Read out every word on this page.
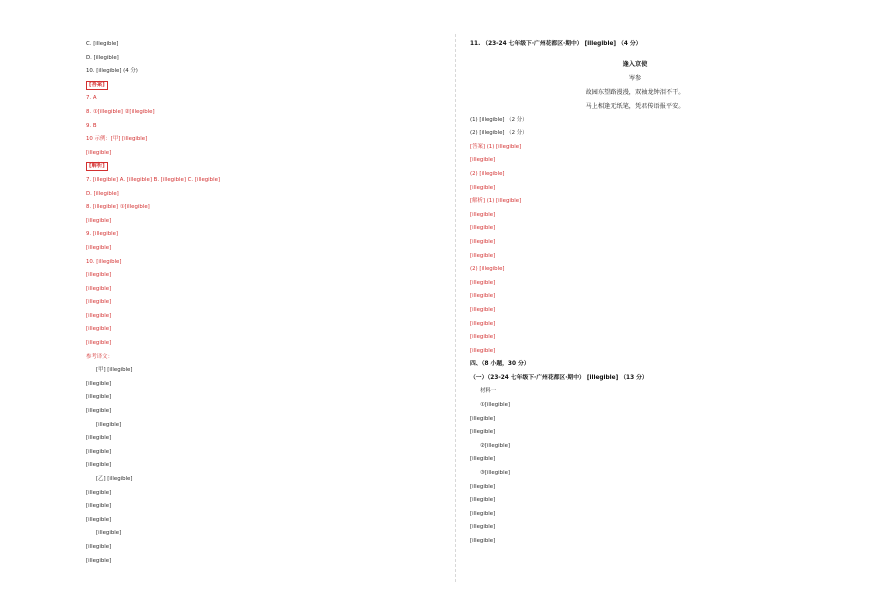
C. [illegible]
D. [illegible]
10. [illegible] (4 分)
[答案]
7. A
8. ①[illegible] ②[illegible]
9. B
10 示例：[甲] [illegible]
[illegible]
[解析]
7. [illegible] A. [illegible] B. [illegible] C. [illegible]
D. [illegible]
8. [illegible] ①[illegible]
[illegible]
9. [illegible]
[illegible]
10. [illegible]
[illegible]
[illegible]
[illegible]
[illegible]
[illegible]
[illegible]
参考译文：
[甲] [illegible]
[illegible]
[illegible]
[illegible]
[illegible]
[illegible]
[illegible]
[illegible]
[乙] [illegible]
[illegible]
[illegible]
[illegible]
[illegible]
[illegible]
[illegible]
11. （23-24 七年级下·广州花都区·期中） [illegible] （4 分）
逢入京使
岑参
故园东望路漫漫，双袖龙钟泪不干。
马上相逢无纸笔，凭君传语报平安。
(1) [illegible] （2 分）
(2) [illegible] （2 分）
[答案] (1) [illegible]
[illegible]
(2) [illegible]
[illegible]
[解析] (1) [illegible]
[illegible]
[illegible]
[illegible]
[illegible]
(2) [illegible]
[illegible]
[illegible]
[illegible]
[illegible]
[illegible]
[illegible]
四、（8 小题，30 分）
（一）（23-24 七年级下·广州花都区·期中） [illegible] （13 分）
材料一
①[illegible]
[illegible]
[illegible]
②[illegible]
[illegible]
③[illegible]
[illegible]
[illegible]
[illegible]
[illegible]
[illegible]
